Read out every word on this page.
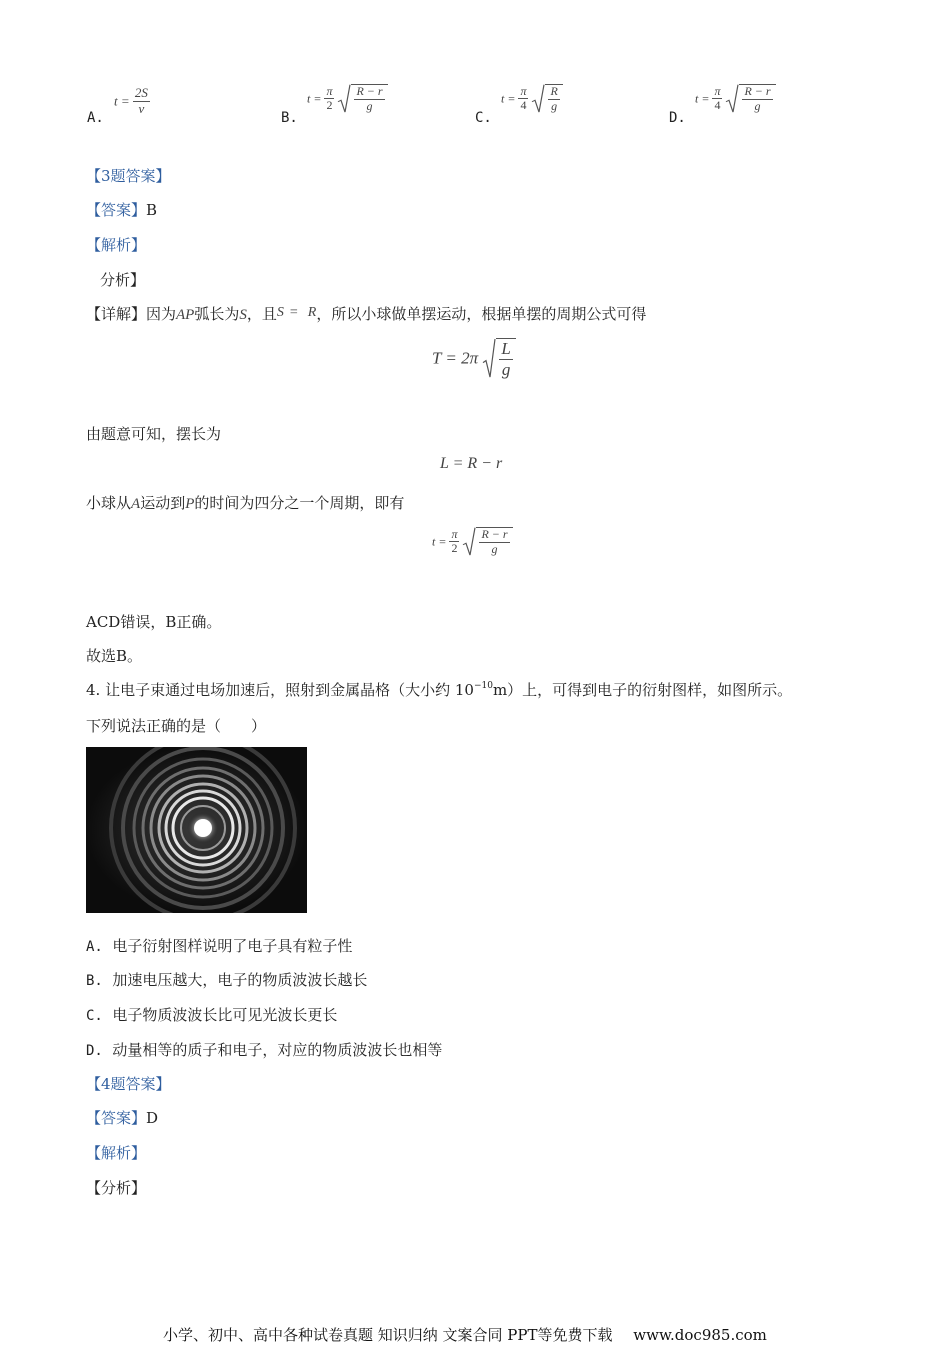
A.
$t = \frac{2S}{v}$
B.
$t = \frac{\pi}{2}$
$\frac{R - r}{g}$
C.
$t = \frac{\pi}{4}$
$\frac{R}{g}$
D.
$t = \frac{\pi}{4}$
$\frac{R - r}{g}$
【3题答案】
【答案】B
【解析】
分析】
【详解】因为AP弧长为S，且S = R，所以小球做单摆运动，根据单摆的周期公式可得
$T = 2\pi \frac{L}{g}$
由题意可知，摆长为
L = R − r
小球从A运动到P的时间为四分之一个周期，即有
$t = \frac{\pi}{2}$
$\frac{R - r}{g}$
ACD错误，B正确。
故选B。
4. 让电子束通过电场加速后，照射到金属晶格（大小约 $10^{-10}m$）上，可得到电子的衍射图样，如图所示。
下列说法正确的是（　　）
A. 电子衍射图样说明了电子具有粒子性
B. 加速电压越大，电子的物质波波长越长
C. 电子物质波波长比可见光波长更长
D. 动量相等的质子和电子，对应的物质波波长也相等
【4题答案】
【答案】D
【解析】
【分析】
小学、初中、高中各种试卷真题 知识归纳 文案合同 PPT等免费下载 www.doc985.com
